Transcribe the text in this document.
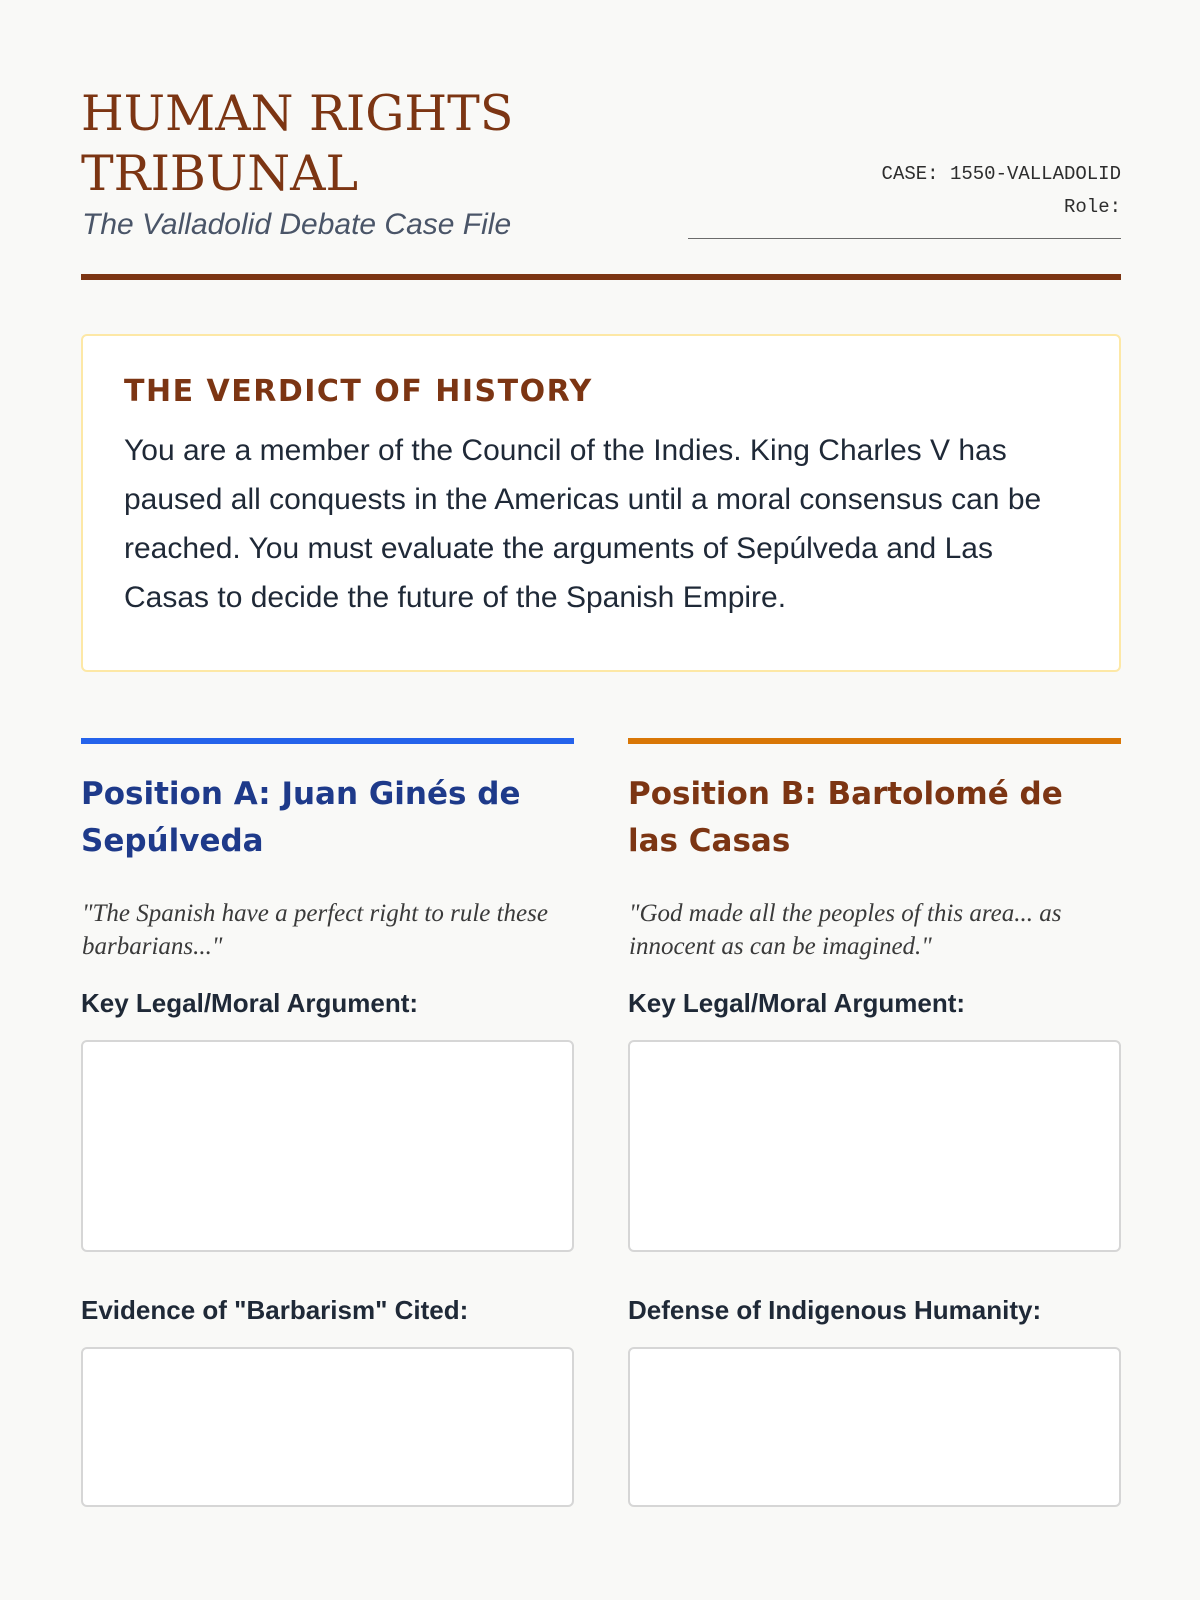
HUMAN RIGHTS
TRIBUNAL

The Valladolid Debate Case File

CASE: 1550-VALLADOLID
Role:
THE VERDICT OF HISTORY

You are a member of the Council of the Indies. King Charles V has paused all conquests in the Americas until a moral consensus can be reached. You must evaluate the arguments of Sepúlveda and Las Casas to decide the future of the Spanish Empire.

Position A: Juan Ginés de Sepúlveda

"The Spanish have a perfect right to rule these barbarians..."

Key Legal/Moral Argument:
Evidence of "Barbarism" Cited:
Position B: Bartolomé de las Casas

"God made all the peoples of this area... as innocent as can be imagined."

Key Legal/Moral Argument:
Defense of Indigenous Humanity:
